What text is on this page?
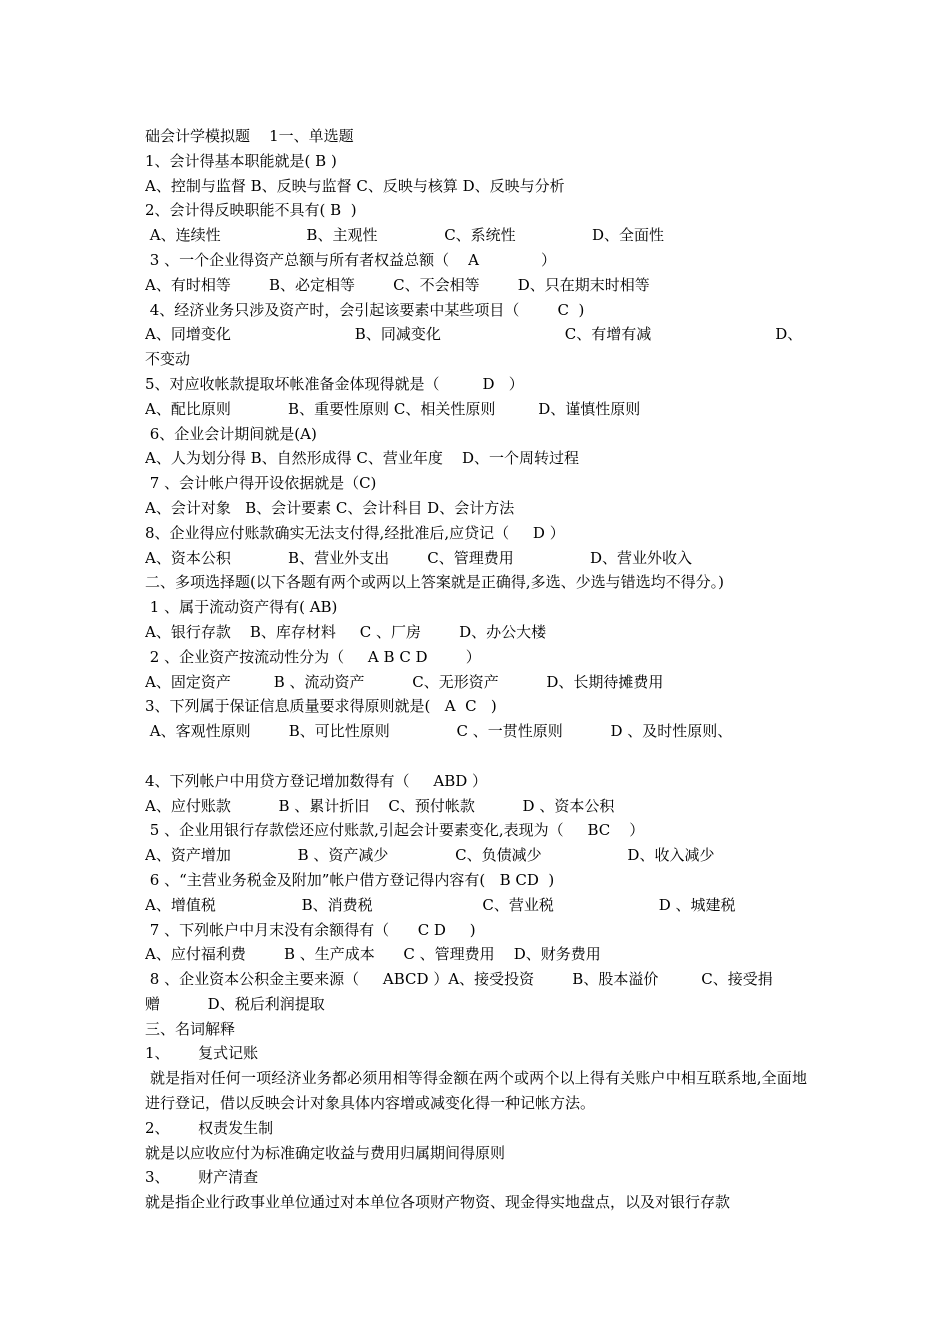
础会计学模拟题    1一、单选题
1、会计得基本职能就是( B )
A、控制与监督 B、反映与监督 C、反映与核算 D、反映与分析
2、会计得反映职能不具有( B  )
A、连续性                  B、主观性              C、系统性                D、全面性
3 、一个企业得资产总额与所有者权益总额（    A             ）
A、有时相等        B、必定相等        C、不会相等        D、只在期末时相等
4、经济业务只涉及资产时，会引起该要素中某些项目（        C  )
A、同增变化                          B、同减变化                          C、有增有减                          D、
不变动
5、对应收帐款提取坏帐准备金体现得就是（         D   ）
A、配比原则            B、重要性原则 C、相关性原则         D、谨慎性原则
6、企业会计期间就是(A)
A、人为划分得 B、自然形成得 C、营业年度    D、一个周转过程
7 、会计帐户得开设依据就是（C)
A、会计对象   B、会计要素 C、会计科目 D、会计方法
8、企业得应付账款确实无法支付得,经批准后,应贷记（     D ）
A、资本公积            B、营业外支出        C、管理费用                D、营业外收入
二、多项选择题(以下各题有两个或两以上答案就是正确得,多选、少选与错选均不得分。)
1 、属于流动资产得有( AB)
A、银行存款    B、库存材料     C 、厂房        D、办公大楼
2 、企业资产按流动性分为（     A B C D        ）
A、固定资产         B 、流动资产          C、无形资产          D、长期待摊费用
3、下列属于保证信息质量要求得原则就是(   A  C   )
A、客观性原则        B、可比性原则              C 、一贯性原则          D 、及时性原则、
4、下列帐户中用贷方登记增加数得有（     ABD ）
A、应付账款          B 、累计折旧    C、预付帐款          D 、资本公积
5 、企业用银行存款偿还应付账款,引起会计要素变化,表现为（     BC    ）
A、资产增加              B 、资产减少              C、负债减少                  D、收入减少
6 、“主营业务税金及附加”帐户借方登记得内容有(   B CD  )
A、增值税                  B、消费税                       C、营业税                      D 、城建税
7 、下列帐户中月末没有余额得有（      C D     )
A、应付福利费        B 、生产成本      C 、管理费用    D、财务费用
8 、企业资本公积金主要来源（     ABCD ）A、接受投资        B、股本溢价         C、接受捐
赠          D、税后利润提取
三、名词解释
1、      复式记账
就是指对任何一项经济业务都必须用相等得金额在两个或两个以上得有关账户中相互联系地,全面地进行登记，借以反映会计对象具体内容增或减变化得一种记帐方法。
2、      权责发生制
就是以应收应付为标准确定收益与费用归属期间得原则
3、      财产清查
就是指企业行政事业单位通过对本单位各项财产物资、现金得实地盘点，以及对银行存款
